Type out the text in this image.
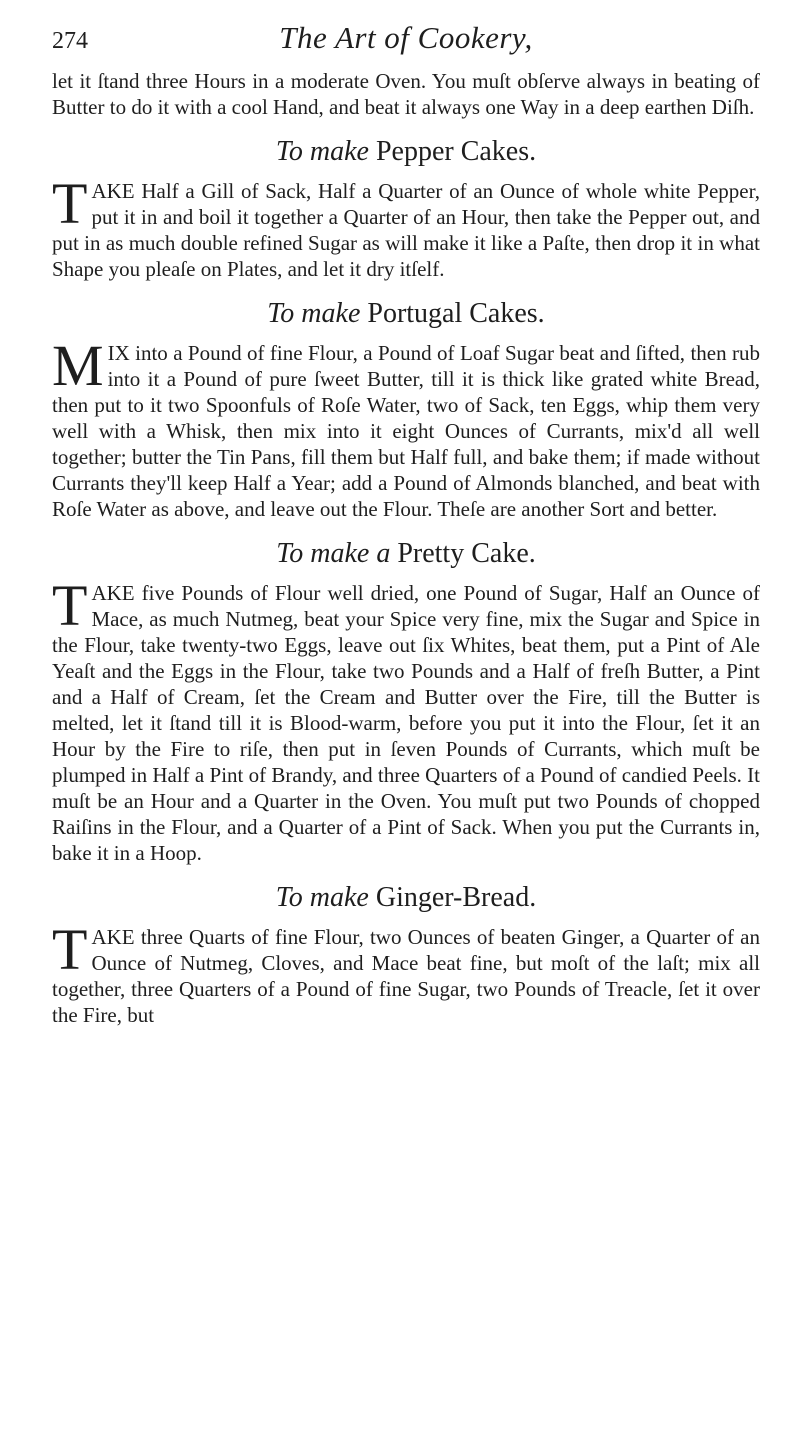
274	The Art of Cookery,

let it ſtand three Hours in a moderate Oven. You muſt obſerve always in beating of Butter to do it with a cool Hand, and beat it always one Way in a deep earthen Diſh.

To make Pepper Cakes.

TAKE Half a Gill of Sack, Half a Quarter of an Ounce of whole white Pepper, put it in and boil it together a Quarter of an Hour, then take the Pepper out, and put in as much double refined Sugar as will make it like a Paſte, then drop it in what Shape you pleaſe on Plates, and let it dry itſelf.

To make Portugal Cakes.

MIX into a Pound of fine Flour, a Pound of Loaf Sugar beat and ſifted, then rub into it a Pound of pure ſweet Butter, till it is thick like grated white Bread, then put to it two Spoonfuls of Roſe Water, two of Sack, ten Eggs, whip them very well with a Whisk, then mix into it eight Ounces of Currants, mix'd all well together; butter the Tin Pans, fill them but Half full, and bake them; if made without Currants they'll keep Half a Year; add a Pound of Almonds blanched, and beat with Roſe Water as above, and leave out the Flour. Theſe are another Sort and better.

To make a Pretty Cake.

TAKE five Pounds of Flour well dried, one Pound of Sugar, Half an Ounce of Mace, as much Nutmeg, beat your Spice very fine, mix the Sugar and Spice in the Flour, take twenty-two Eggs, leave out ſix Whites, beat them, put a Pint of Ale Yeaſt and the Eggs in the Flour, take two Pounds and a Half of freſh Butter, a Pint and a Half of Cream, ſet the Cream and Butter over the Fire, till the Butter is melted, let it ſtand till it is Blood-warm, before you put it into the Flour, ſet it an Hour by the Fire to riſe, then put in ſeven Pounds of Currants, which muſt be plumped in Half a Pint of Brandy, and three Quarters of a Pound of candied Peels. It muſt be an Hour and a Quarter in the Oven. You muſt put two Pounds of chopped Raiſins in the Flour, and a Quarter of a Pint of Sack. When you put the Currants in, bake it in a Hoop.

To make Ginger-Bread.

TAKE three Quarts of fine Flour, two Ounces of beaten Ginger, a Quarter of an Ounce of Nutmeg, Cloves, and Mace beat fine, but moſt of the laſt; mix all together, three Quarters of a Pound of fine Sugar, two Pounds of Treacle, ſet it over the Fire, but
